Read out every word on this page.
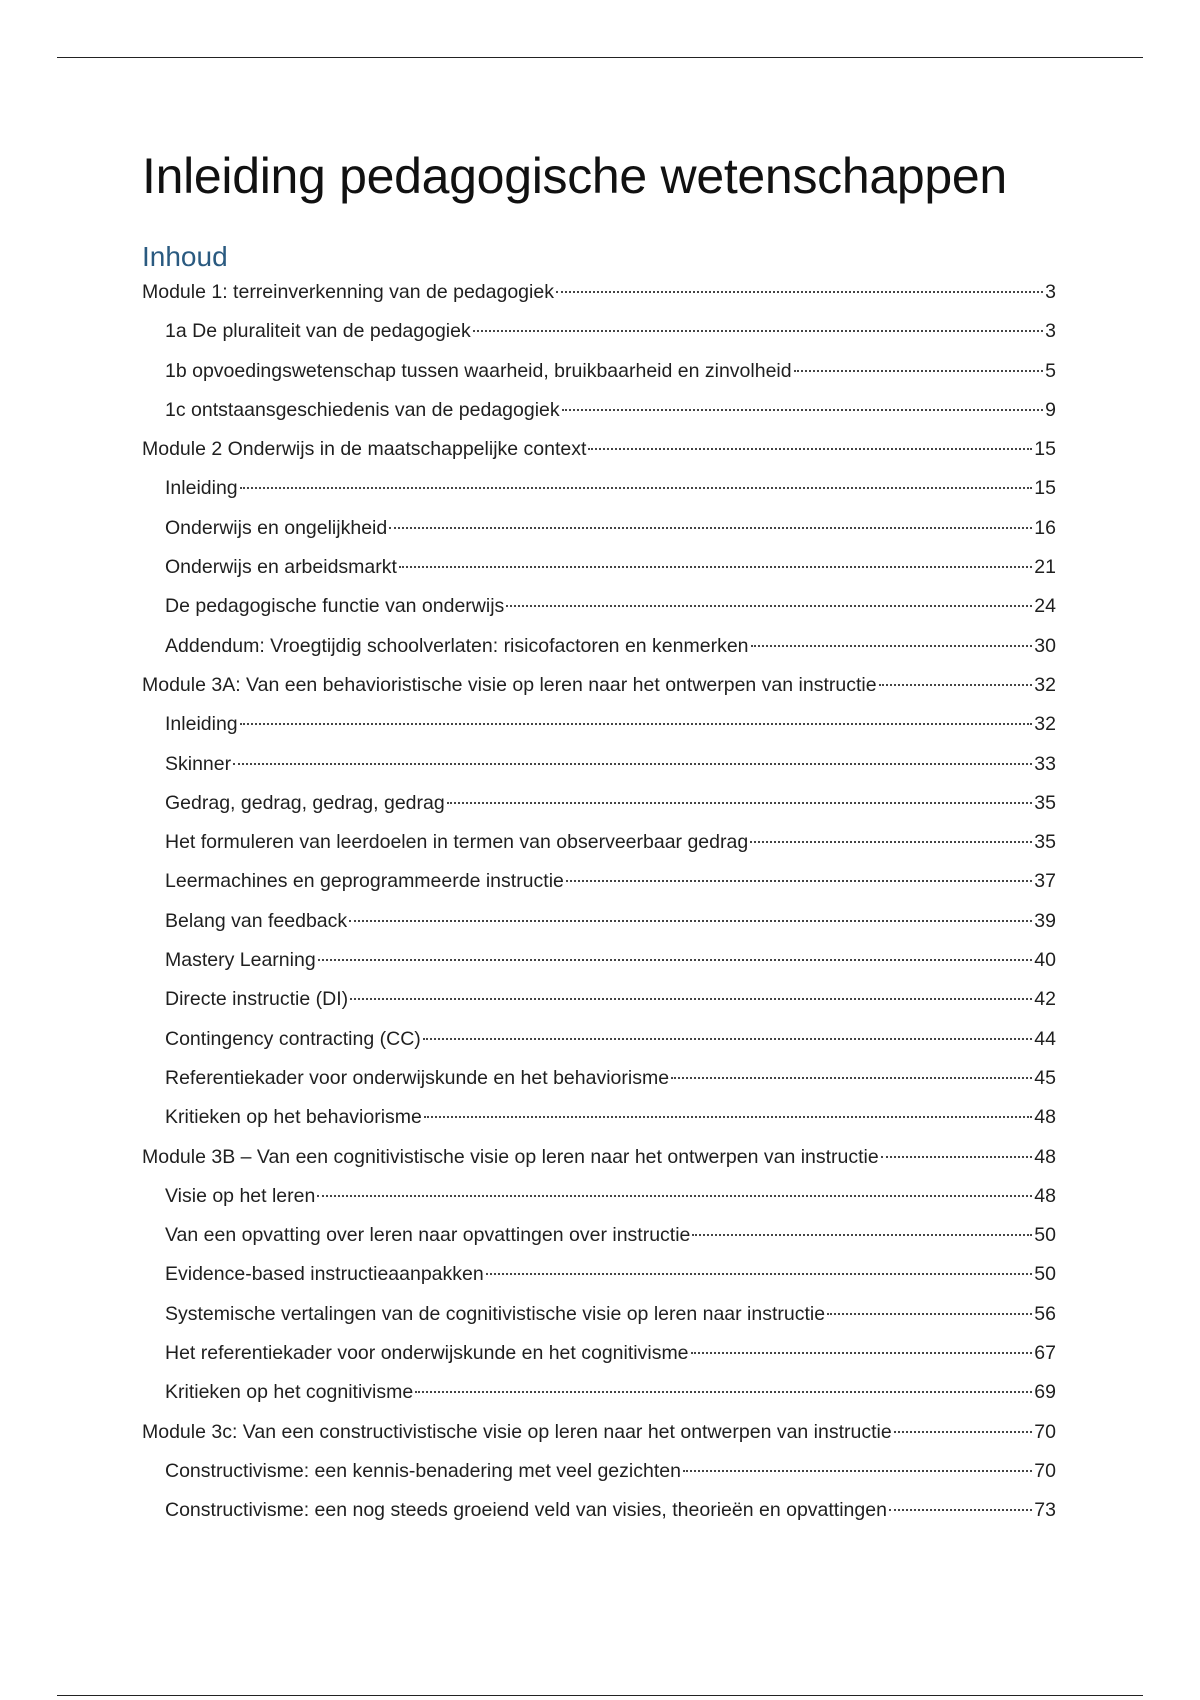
Inleiding pedagogische wetenschappen
Inhoud
Module 1: terreinverkenning van de pedagogiek	3
1a De pluraliteit van de pedagogiek	3
1b opvoedingswetenschap tussen waarheid, bruikbaarheid en zinvolheid	5
1c ontstaansgeschiedenis van de pedagogiek	9
Module 2 Onderwijs in de maatschappelijke context	15
Inleiding	15
Onderwijs en ongelijkheid	16
Onderwijs en arbeidsmarkt	21
De pedagogische functie van onderwijs	24
Addendum: Vroegtijdig schoolverlaten: risicofactoren en kenmerken	30
Module 3A: Van een behavioristische visie op leren naar het ontwerpen van instructie	32
Inleiding	32
Skinner	33
Gedrag, gedrag, gedrag, gedrag	35
Het formuleren van leerdoelen in termen van observeerbaar gedrag	35
Leermachines en geprogrammeerde instructie	37
Belang van feedback	39
Mastery Learning	40
Directe instructie (DI)	42
Contingency contracting (CC)	44
Referentiekader voor onderwijskunde en het behaviorisme	45
Kritieken op het behaviorisme	48
Module 3B – Van een cognitivistische visie op leren naar het ontwerpen van instructie	48
Visie op het leren	48
Van een opvatting over leren naar opvattingen over instructie	50
Evidence-based instructieaanpakken	50
Systemische vertalingen van de cognitivistische visie op leren naar instructie	56
Het referentiekader voor onderwijskunde en het cognitivisme	67
Kritieken op het cognitivisme	69
Module 3c: Van een constructivistische visie op leren naar het ontwerpen van instructie	70
Constructivisme: een kennis-benadering met veel gezichten	70
Constructivisme: een nog steeds groeiend veld van visies, theorieën en opvattingen	73
